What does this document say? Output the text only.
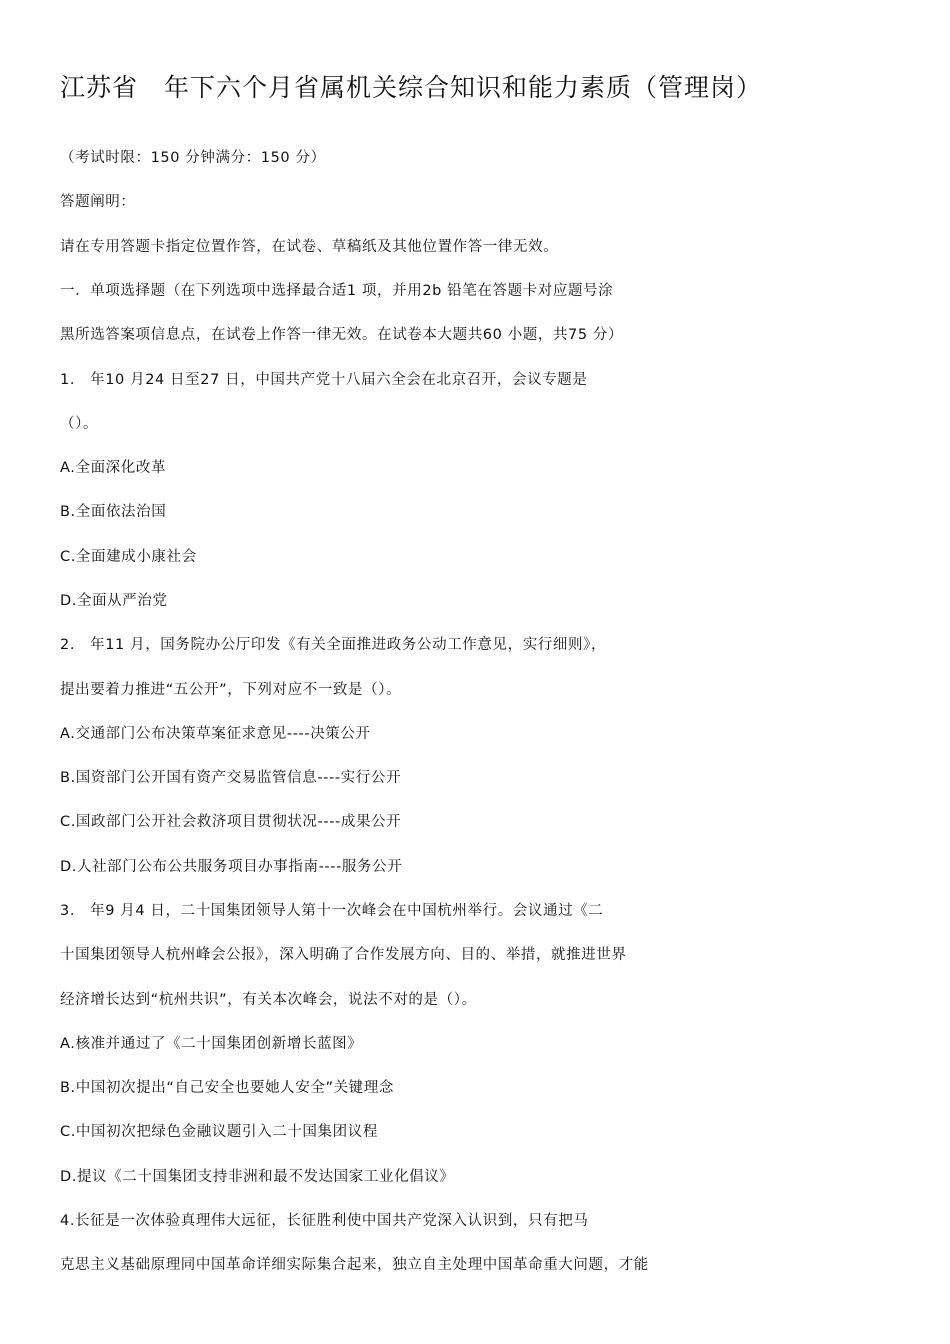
江苏省　年下六个月省属机关综合知识和能力素质（管理岗）

（考试时限：150 分钟满分：150 分）

答题阐明：

请在专用答题卡指定位置作答，在试卷、草稿纸及其他位置作答一律无效。

一．单项选择题（在下列选项中选择最合适1 项，并用2b 铅笔在答题卡对应题号涂

黑所选答案项信息点，在试卷上作答一律无效。在试卷本大题共60 小题，共75 分）

1.　年10 月24 日至27 日，中国共产党十八届六全会在北京召开，会议专题是

（）。

A.全面深化改革

B.全面依法治国

C.全面建成小康社会

D.全面从严治党

2.　年11 月，国务院办公厅印发《有关全面推进政务公动工作意见，实行细则》，

提出要着力推进“五公开”，下列对应不一致是（）。

A.交通部门公布决策草案征求意见----决策公开

B.国资部门公开国有资产交易监管信息----实行公开

C.国政部门公开社会救济项目贯彻状况----成果公开

D.人社部门公布公共服务项目办事指南----服务公开

3.　年9 月4 日，二十国集团领导人第十一次峰会在中国杭州举行。会议通过《二

十国集团领导人杭州峰会公报》，深入明确了合作发展方向、目的、举措，就推进世界

经济增长达到“杭州共识”，有关本次峰会，说法不对的是（）。

A.核准并通过了《二十国集团创新增长蓝图》

B.中国初次提出“自己安全也要她人安全”关键理念

C.中国初次把绿色金融议题引入二十国集团议程

D.提议《二十国集团支持非洲和最不发达国家工业化倡议》

4.长征是一次体验真理伟大远征，长征胜利使中国共产党深入认识到，只有把马

克思主义基础原理同中国革命详细实际集合起来，独立自主处理中国革命重大问题，才能
